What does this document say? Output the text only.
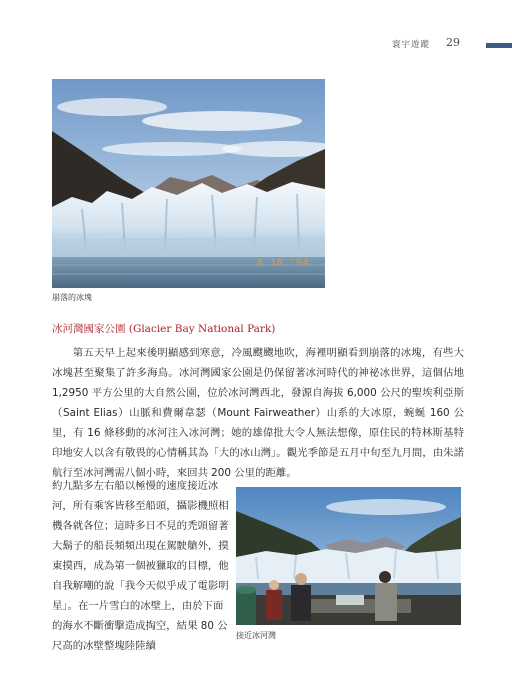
寰宇遊蹤 29
8 18 '94
崩落的冰塊
冰河灣國家公園 (Glacier Bay National Park)

第五天早上起來後明顯感到寒意，冷風颼颼地吹，海裡明顯看到崩落的冰塊，有些大冰塊甚至聚集了許多海鳥。冰河灣國家公園是仍保留著冰河時代的神祕冰世界，這個佔地 1,2950 平方公里的大自然公園，位於冰河灣西北，發源自海拔 6,000 公尺的聖埃利亞斯（Saint Elias）山脈和費爾韋瑟（Mount Fairweather）山系的大冰原，蜿蜒 160 公里，有 16 條移動的冰河注入冰河灣；她的雄偉批大令人無法想像，原住民的特林斯基特印地安人以含有敬畏的心情稱其為「大的冰山灣」。觀光季節是五月中旬至九月間，由朱諾航行至冰河灣需八個小時，來回共 200 公里的距離。

約九點多左右船以極慢的速度接近冰河，所有乘客皆移至船頭，攝影機照相機各就各位；這時多日不見的禿頭留著大鬍子的船長頻頻出現在駕駛艙外，摸東摸西，成為第一個被獵取的目標，他自我解嘲的說「我今天似乎成了電影明星」。在一片雪白的冰壁上，由於下面的海水不斷衝擊造成掏空，結果 80 公尺高的冰壁整塊陸陸續

接近冰河灣
